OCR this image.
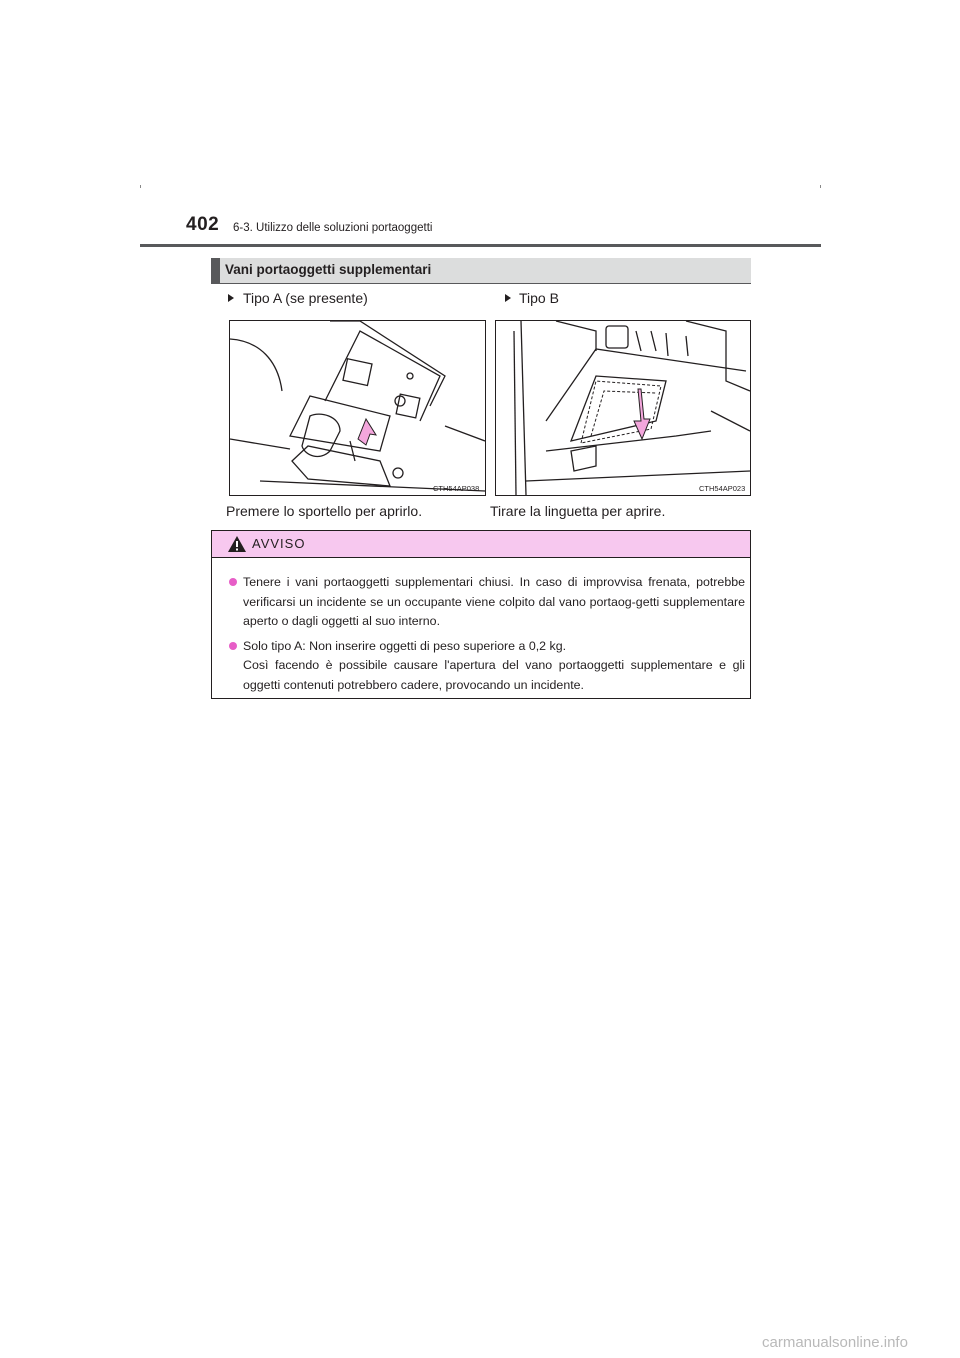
402 6-3. Utilizzo delle soluzioni portaoggetti
Vani portaoggetti supplementari
Tipo A (se presente)	Tipo B
CTH54AP038	CTH54AP023
Premere lo sportello per aprirlo.	Tirare la linguetta per aprire.
AVVISO
Tenere i vani portaoggetti supplementari chiusi. In caso di improvvisa frenata, potrebbe verificarsi un incidente se un occupante viene colpito dal vano portaog-getti supplementare aperto o dagli oggetti al suo interno.
Solo tipo A: Non inserire oggetti di peso superiore a 0,2 kg.
Così facendo è possibile causare l'apertura del vano portaoggetti supplementare e gli oggetti contenuti potrebbero cadere, provocando un incidente.
carmanualsonline.info
